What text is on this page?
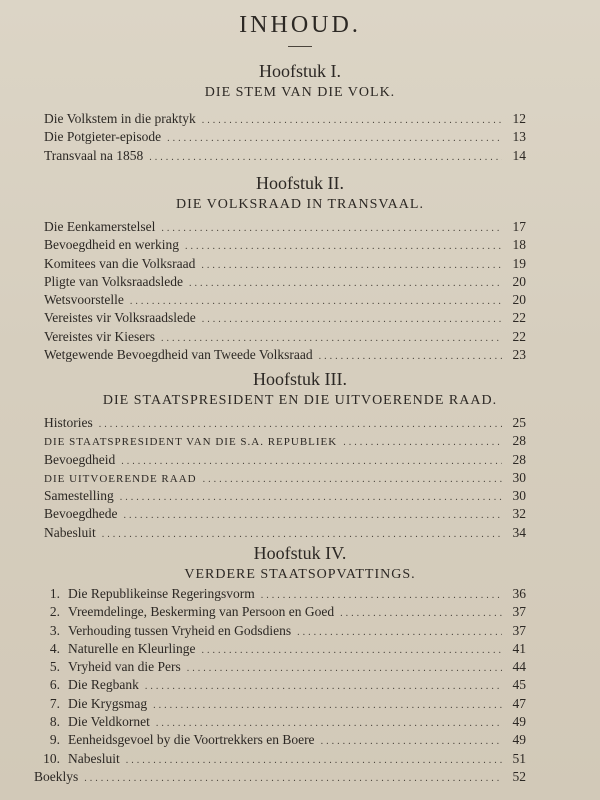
INHOUD.
Hoofstuk I.
DIE STEM VAN DIE VOLK.
Die Volkstem in die praktyk .....	12
Die Potgieter-episode .....	13
Transvaal na 1858 .....	14
Hoofstuk II.
DIE VOLKSRAAD IN TRANSVAAL.
Die Eenkamerstelsel .....	17
Bevoegdheid en werking .....	18
Komitees van die Volksraad .....	19
Pligte van Volksraadslede .....	20
Wetsvoorstelle .....	20
Vereistes vir Volksraadslede .....	22
Vereistes vir Kiesers .....	22
Wetgewende Bevoegdheid van Tweede Volksraad .....	23
Hoofstuk III.
DIE STAATSPRESIDENT EN DIE UITVOERENDE RAAD.
Histories .....	25
DIE STAATSPRESIDENT VAN DIE S.A. REPUBLIEK .....	28
Bevoegdheid .....	28
DIE UITVOERENDE RAAD .....	30
Samestelling .....	30
Bevoegdhede .....	32
Nabesluit .....	34
Hoofstuk IV.
VERDERE STAATSOPVATTINGS.
1. Die Republikeinse Regeringsvorm .....	36
2. Vreemdelinge, Beskerming van Persoon en Goed .....	37
3. Verhouding tussen Vryheid en Godsdiens .....	37
4. Naturelle en Kleurlinge .....	41
5. Vryheid van die Pers .....	44
6. Die Regbank .....	45
7. Die Krygsmag .....	47
8. Die Veldkornet .....	49
9. Eenheidsgevoel by die Voortrekkers en Boere .....	49
10. Nabesluit .....	51
Boeklys .....	52
